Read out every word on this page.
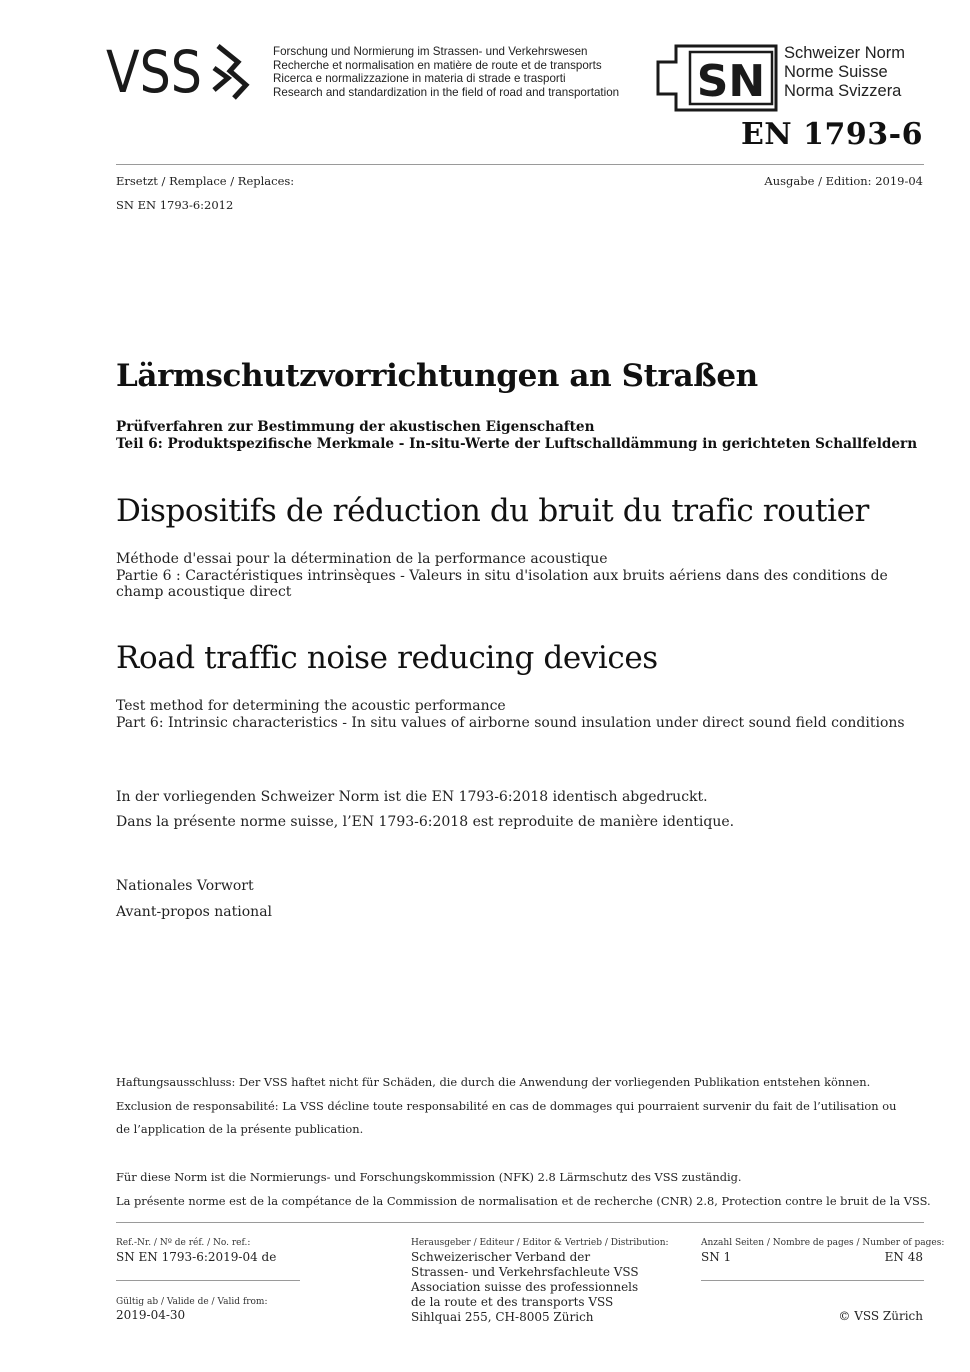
VSS	Forschung und Normierung im Strassen- und Verkehrswesen
Recherche et normalisation en matière de route et de transports
Ricerca e normalizzazione in materia di strade e trasporti
Research and standardization in the field of road and transportation SN
Schweizer Norm
Norme Suisse
Norma Svizzera
EN 1793-6
Ersetzt / Remplace / Replaces:
SN EN 1793-6:2012
Ausgabe / Edition: 2019-04
Lärmschutzvorrichtungen an Straßen
Prüfverfahren zur Bestimmung der akustischen Eigenschaften
Teil 6: Produktspezifische Merkmale - In-situ-Werte der Luftschalldämmung in gerichteten Schallfeldern
Dispositifs de réduction du bruit du trafic routier
Méthode d'essai pour la détermination de la performance acoustique
Partie 6 : Caractéristiques intrinsèques - Valeurs in situ d'isolation aux bruits aériens dans des conditions de champ acoustique direct
Road traffic noise reducing devices
Test method for determining the acoustic performance
Part 6: Intrinsic characteristics - In situ values of airborne sound insulation under direct sound field conditions
In der vorliegenden Schweizer Norm ist die EN 1793-6:2018 identisch abgedruckt.
Dans la présente norme suisse, l’EN 1793-6:2018 est reproduite de manière identique.
Nationales Vorwort
Avant-propos national
Haftungsausschluss: Der VSS haftet nicht für Schäden, die durch die Anwendung der vorliegenden Publikation entstehen können.
Exclusion de responsabilité: La VSS décline toute responsabilité en cas de dommages qui pourraient survenir du fait de l’utilisation ou
de l’application de la présente publication.
Für diese Norm ist die Normierungs- und Forschungskommission (NFK) 2.8 Lärmschutz des VSS zuständig.
La présente norme est de la compétance de la Commission de normalisation et de recherche (CNR) 2.8, Protection contre le bruit de la VSS.
Ref.-Nr. / Nº de réf. / No. ref.:
SN EN 1793-6:2019-04 de
Gültig ab / Valide de / Valid from:
2019-04-30
Herausgeber / Editeur / Editor & Vertrieb / Distribution:
Schweizerischer Verband der
Strassen- und Verkehrsfachleute VSS
Association suisse des professionnels
de la route et des transports VSS
Sihlquai 255, CH-8005 Zürich
Anzahl Seiten / Nombre de pages / Number of pages:
SN 1	EN 48
© VSS Zürich
